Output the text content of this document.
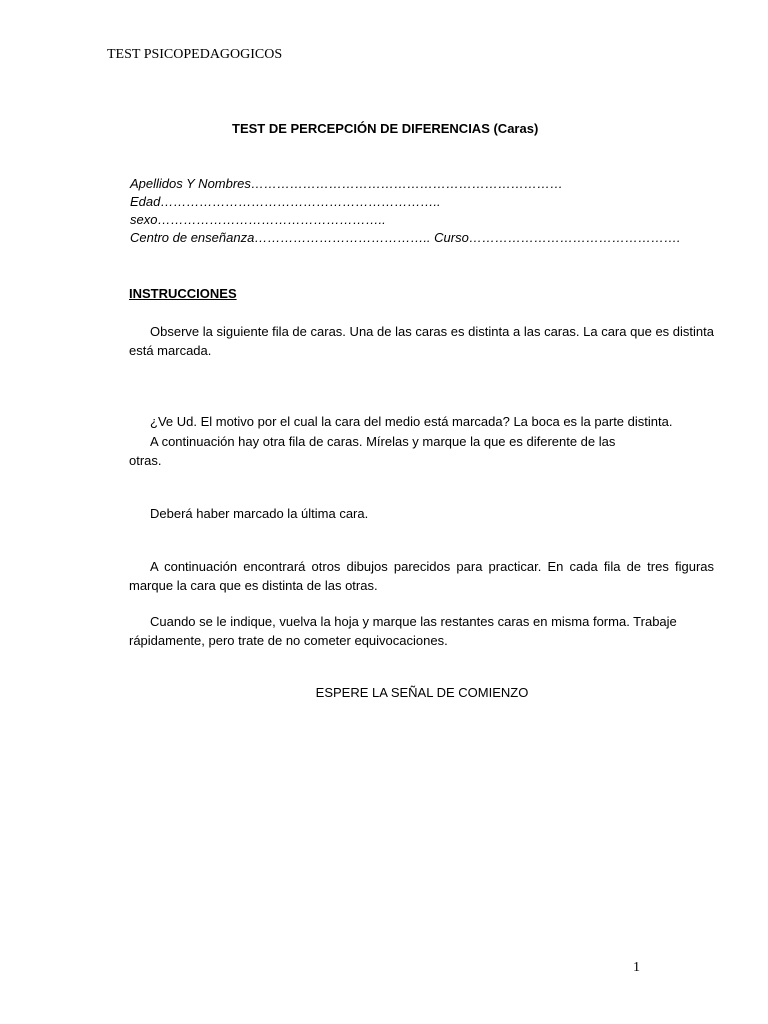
TEST PSICOPEDAGOGICOS
TEST DE PERCEPCIÓN DE DIFERENCIAS (Caras)
Apellidos Y Nombres………………………………………………………………
Edad………………………………………………………..
sexo……………………………………………..
Centro de enseñanza………………………………….. Curso………………………………………….
INSTRUCCIONES
Observe la siguiente fila de caras. Una de las caras es distinta a las caras. La cara que es distinta está marcada.
¿Ve Ud. El motivo por el cual la cara del medio está marcada? La boca es la parte distinta.
A continuación hay otra fila de caras. Mírelas y marque la que es diferente de las
otras.
Deberá haber marcado la última cara.
A continuación encontrará otros dibujos parecidos para practicar. En cada fila de tres figuras marque la cara que es distinta de las otras.
Cuando se le indique, vuelva la hoja y marque las restantes caras en misma forma. Trabaje rápidamente, pero trate de no cometer equivocaciones.
ESPERE LA SEÑAL DE COMIENZO
1
